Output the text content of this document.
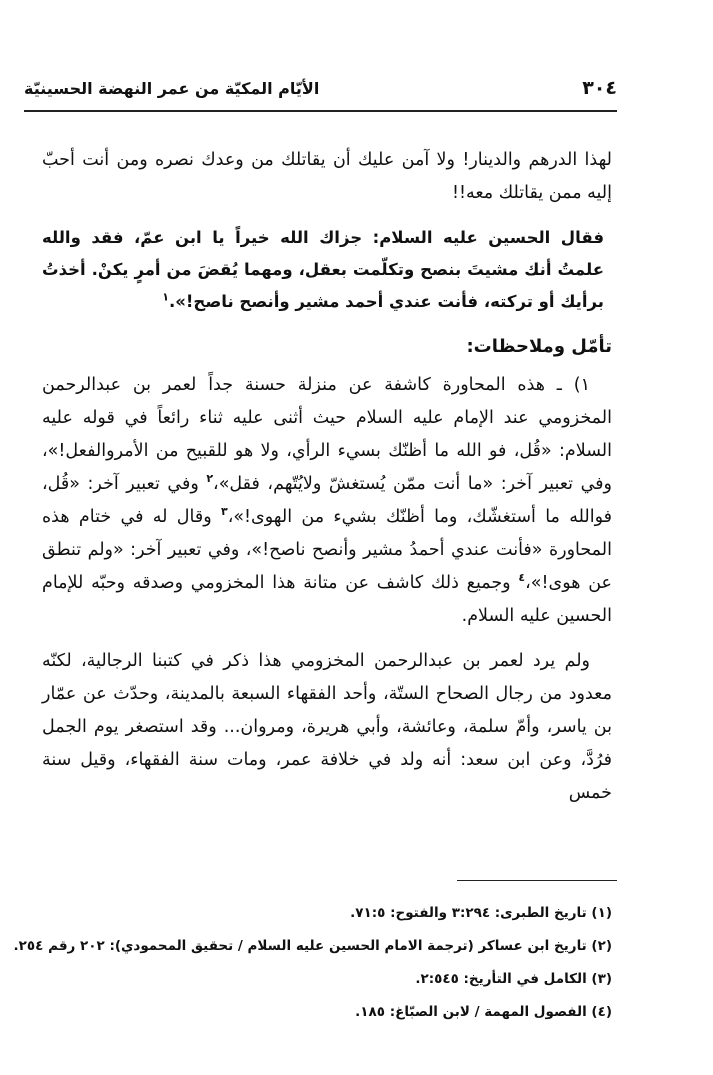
٣٠٤
الأيّام المكيّة من عمر النهضة الحسينيّة

لهذا الدرهم والدينار! ولا آمن عليك أن يقاتلك من وعدك نصره ومن أنت أحبّ إليه ممن يقاتلك معه!!

فقال الحسين عليه السلام: جزاك الله خيراً يا ابن عمّ، فقد والله علمتُ أنك مشيتَ بنصح وتكلّمت بعقل، ومهما يُقضَ من أمرٍ يكنْ. أخذتُ برأيك أو تركته، فأنت عندي أحمد مشير وأنصح ناصح!».$^١$

تأمّل وملاحظات:

١) ـ هذه المحاورة كاشفة عن منزلة حسنة جداً لعمر بن عبدالرحمن المخزومي عند الإمام عليه السلام حيث أثنى عليه ثناء رائعاً في قوله عليه السلام: «قُل، فو الله ما أظنّك بسيء الرأي، ولا هو للقبيح من الأمروالفعل!»، وفي تعبير آخر: «ما أنت ممّن يُستغشّ ولايُتّهم، فقل»،$^٢$ وفي تعبير آخر: «قُل، فوالله ما أستغشّك، وما أظنّك بشيء من الهوى!»،$^٣$ وقال له في ختام هذه المحاورة «فأنت عندي أحمدُ مشير وأنصح ناصح!»، وفي تعبير آخر: «ولم تنطق عن هوى!»،$^٤$ وجميع ذلك كاشف عن متانة هذا المخزومي وصدقه وحبّه للإمام الحسين عليه السلام.

ولم يرد لعمر بن عبدالرحمن المخزومي هذا ذكر في كتبنا الرجالية، لكنّه معدود من رجال الصحاح الستّة، وأحد الفقهاء السبعة بالمدينة، وحدّث عن عمّار بن ياسر، وأمّ سلمة، وعائشة، وأبي هريرة، ومروان... وقد استصغر يوم الجمل فرُدَّ، وعن ابن سعد: أنه ولد في خلافة عمر، ومات سنة الفقهاء، وقيل سنة خمس

(١) تاريخ الطبرى: ٣:٢٩٤ والفتوح: ٧١:٥.
(٢) تاريخ ابن عساكر (ترجمة الامام الحسين عليه السلام / تحقيق المحمودي): ٢٠٢ رقم ٢٥٤.
(٣) الكامل في التأريخ: ٢:٥٤٥.
(٤) الفصول المهمة / لابن الصبّاغ: ١٨٥.
